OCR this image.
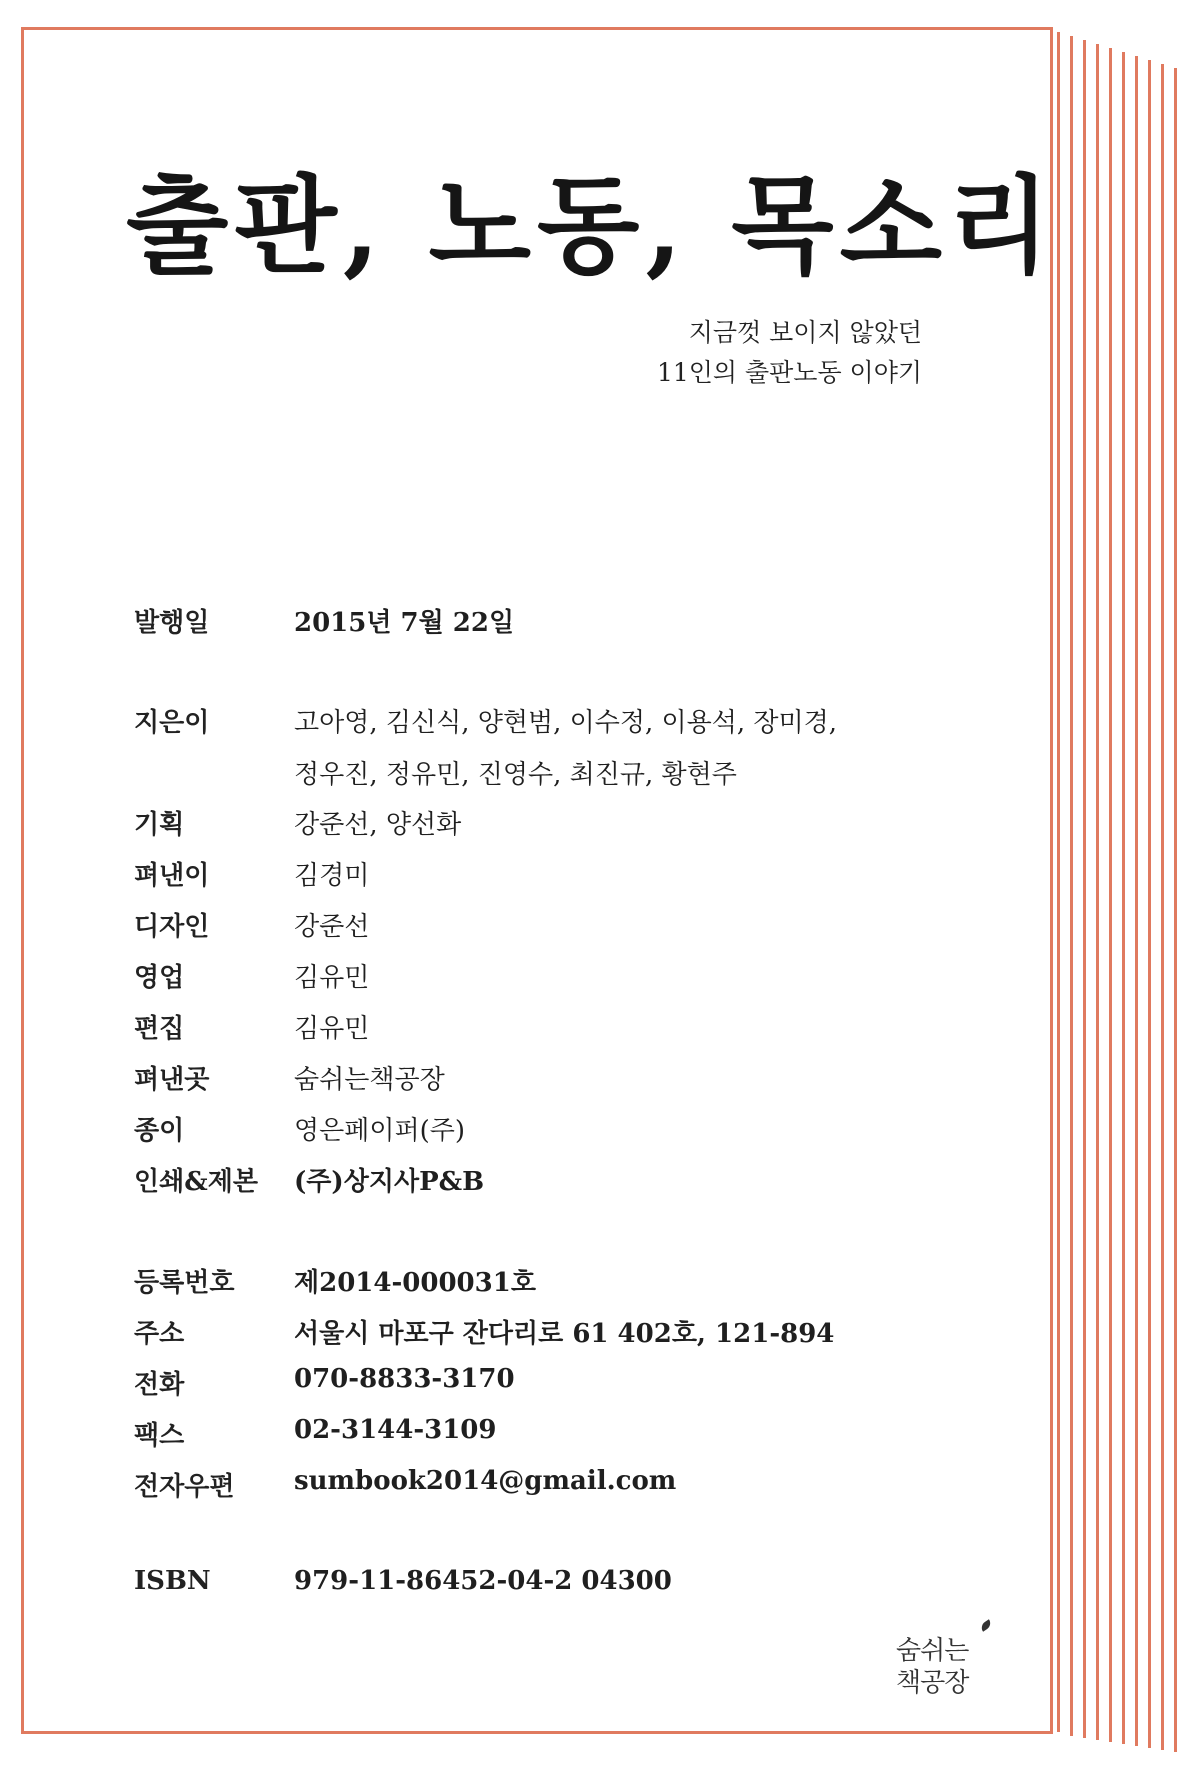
출판, 노동, 목소리
지금껏 보이지 않았던
11인의 출판노동 이야기
발행일	2015년 7월 22일
지은이	고아영, 김신식, 양현범, 이수정, 이용석, 장미경,
정우진, 정유민, 진영수, 최진규, 황현주
기획	강준선, 양선화
펴낸이	김경미
디자인	강준선
영업	김유민
편집	김유민
펴낸곳	숨쉬는책공장
종이	영은페이퍼(주)
인쇄&제본	(주)상지사P&B
등록번호	제2014-000031호
주소	서울시 마포구 잔다리로 61 402호, 121-894
전화	070-8833-3170
팩스	02-3144-3109
전자우편	sumbook2014@gmail.com
ISBN	979-11-86452-04-2 04300
숨쉬는
책공장
